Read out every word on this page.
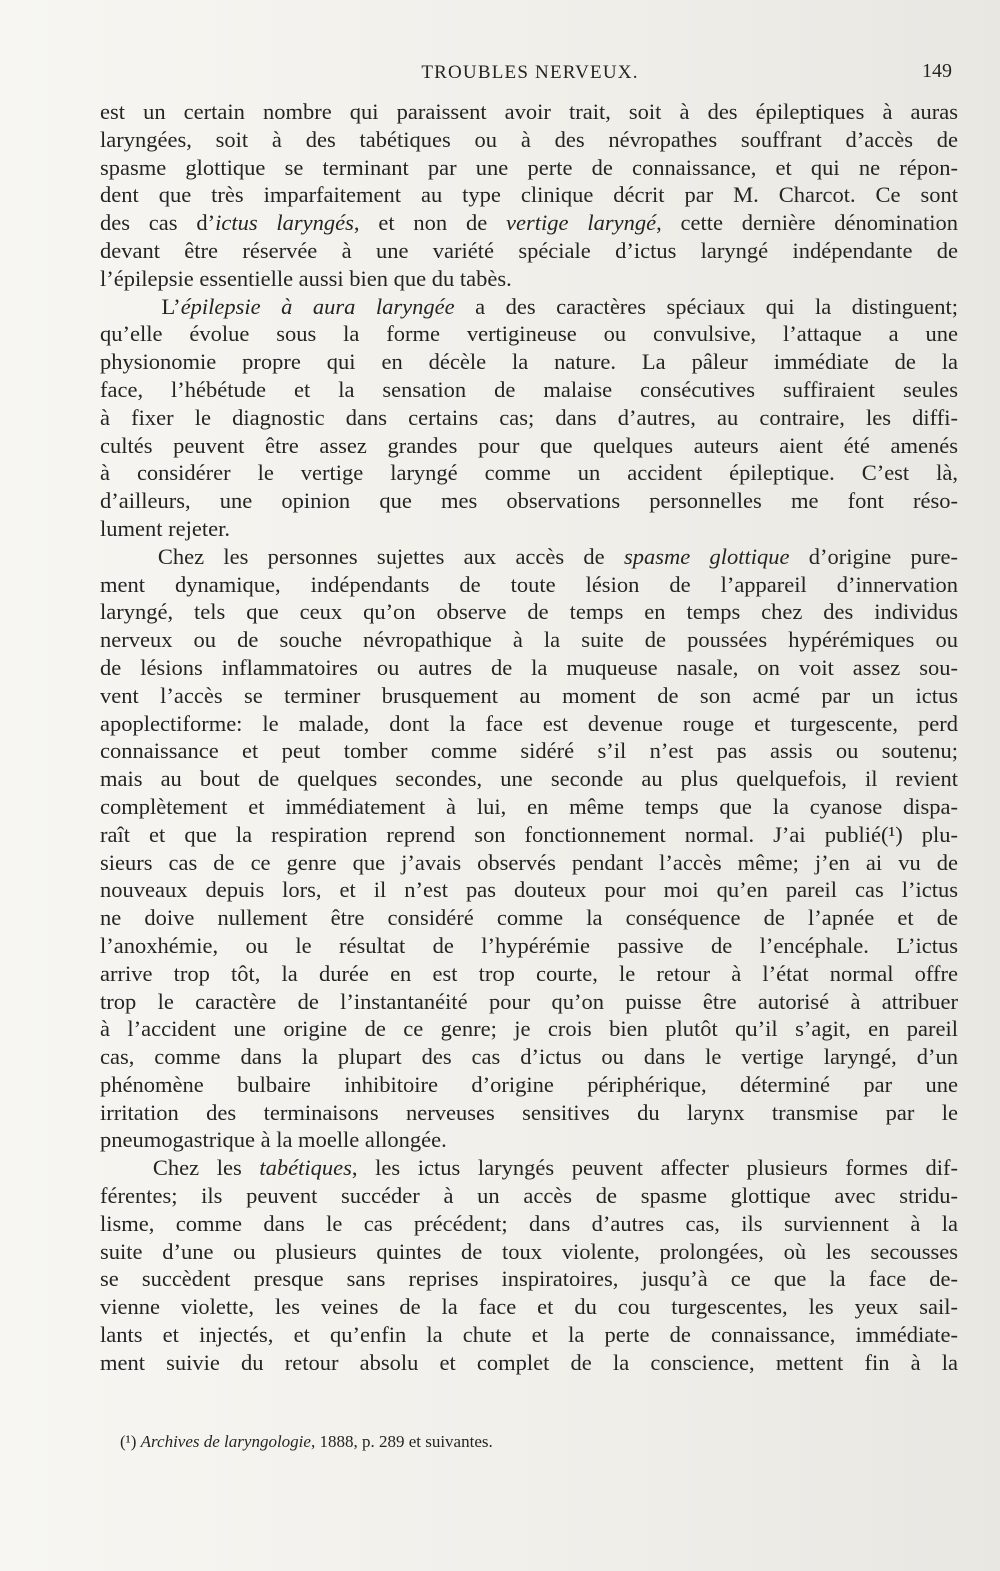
TROUBLES NERVEUX.	149
est un certain nombre qui paraissent avoir trait, soit à des épileptiques à auras
laryngées, soit à des tabétiques ou à des névropathes souffrant d’accès de
spasme glottique se terminant par une perte de connaissance, et qui ne répon-
dent que très imparfaitement au type clinique décrit par M. Charcot. Ce sont
des cas d’ictus laryngés, et non de vertige laryngé, cette dernière dénomination
devant être réservée à une variété spéciale d’ictus laryngé indépendante de
l’épilepsie essentielle aussi bien que du tabès.
L’épilepsie à aura laryngée a des caractères spéciaux qui la distinguent;
qu’elle évolue sous la forme vertigineuse ou convulsive, l’attaque a une
physionomie propre qui en décèle la nature. La pâleur immédiate de la
face, l’hébétude et la sensation de malaise consécutives suffiraient seules
à fixer le diagnostic dans certains cas; dans d’autres, au contraire, les diffi-
cultés peuvent être assez grandes pour que quelques auteurs aient été amenés
à considérer le vertige laryngé comme un accident épileptique. C’est là,
d’ailleurs, une opinion que mes observations personnelles me font réso-
lument rejeter.
Chez les personnes sujettes aux accès de spasme glottique d’origine pure-
ment dynamique, indépendants de toute lésion de l’appareil d’innervation
laryngé, tels que ceux qu’on observe de temps en temps chez des individus
nerveux ou de souche névropathique à la suite de poussées hypérémiques ou
de lésions inflammatoires ou autres de la muqueuse nasale, on voit assez sou-
vent l’accès se terminer brusquement au moment de son acmé par un ictus
apoplectiforme: le malade, dont la face est devenue rouge et turgescente, perd
connaissance et peut tomber comme sidéré s’il n’est pas assis ou soutenu;
mais au bout de quelques secondes, une seconde au plus quelquefois, il revient
complètement et immédiatement à lui, en même temps que la cyanose dispa-
raît et que la respiration reprend son fonctionnement normal. J’ai publié(¹) plu-
sieurs cas de ce genre que j’avais observés pendant l’accès même; j’en ai vu de
nouveaux depuis lors, et il n’est pas douteux pour moi qu’en pareil cas l’ictus
ne doive nullement être considéré comme la conséquence de l’apnée et de
l’anoxhémie, ou le résultat de l’hypérémie passive de l’encéphale. L’ictus
arrive trop tôt, la durée en est trop courte, le retour à l’état normal offre
trop le caractère de l’instantanéité pour qu’on puisse être autorisé à attribuer
à l’accident une origine de ce genre; je crois bien plutôt qu’il s’agit, en pareil
cas, comme dans la plupart des cas d’ictus ou dans le vertige laryngé, d’un
phénomène bulbaire inhibitoire d’origine périphérique, déterminé par une
irritation des terminaisons nerveuses sensitives du larynx transmise par le
pneumogastrique à la moelle allongée.
Chez les tabétiques, les ictus laryngés peuvent affecter plusieurs formes dif-
férentes; ils peuvent succéder à un accès de spasme glottique avec stridu-
lisme, comme dans le cas précédent; dans d’autres cas, ils surviennent à la
suite d’une ou plusieurs quintes de toux violente, prolongées, où les secousses
se succèdent presque sans reprises inspiratoires, jusqu’à ce que la face de-
vienne violette, les veines de la face et du cou turgescentes, les yeux sail-
lants et injectés, et qu’enfin la chute et la perte de connaissance, immédiate-
ment suivie du retour absolu et complet de la conscience, mettent fin à la
(¹) Archives de laryngologie, 1888, p. 289 et suivantes.
